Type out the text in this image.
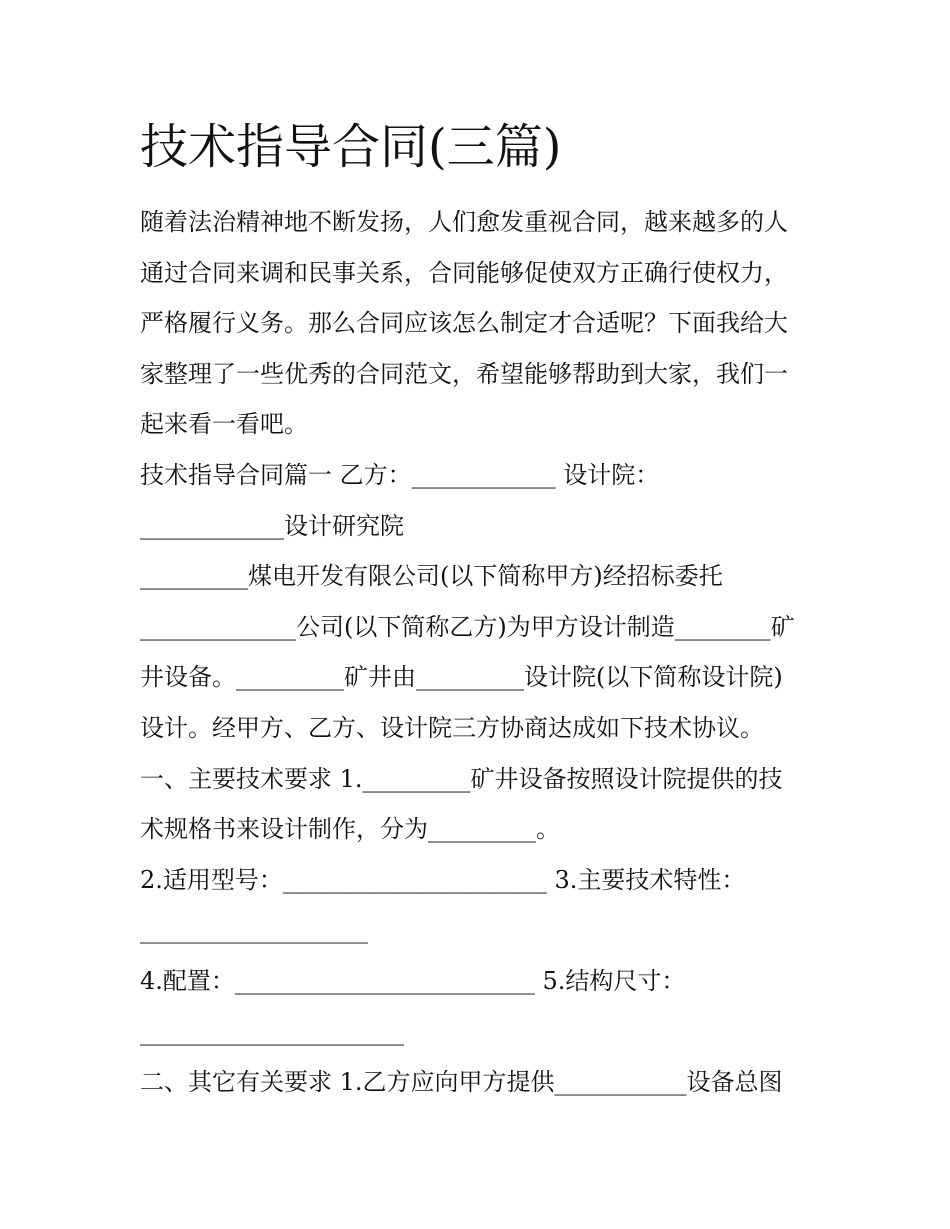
技术指导合同(三篇)
随着法治精神地不断发扬，人们愈发重视合同，越来越多的人
通过合同来调和民事关系，合同能够促使双方正确行使权力，
严格履行义务。那么合同应该怎么制定才合适呢？下面我给大
家整理了一些优秀的合同范文，希望能够帮助到大家，我们一
起来看一看吧。
技术指导合同篇一 乙方：____________ 设计院：
____________设计研究院
_________煤电开发有限公司(以下简称甲方)经招标委托
_____________公司(以下简称乙方)为甲方设计制造________矿
井设备。_________矿井由_________设计院(以下简称设计院)
设计。经甲方、乙方、设计院三方协商达成如下技术协议。
一、主要技术要求 1._________矿井设备按照设计院提供的技
术规格书来设计制作，分为_________。
2.适用型号：______________________ 3.主要技术特性：
___________________
4.配置：_________________________ 5.结构尺寸：
______________________
二、其它有关要求 1.乙方应向甲方提供___________设备总图
